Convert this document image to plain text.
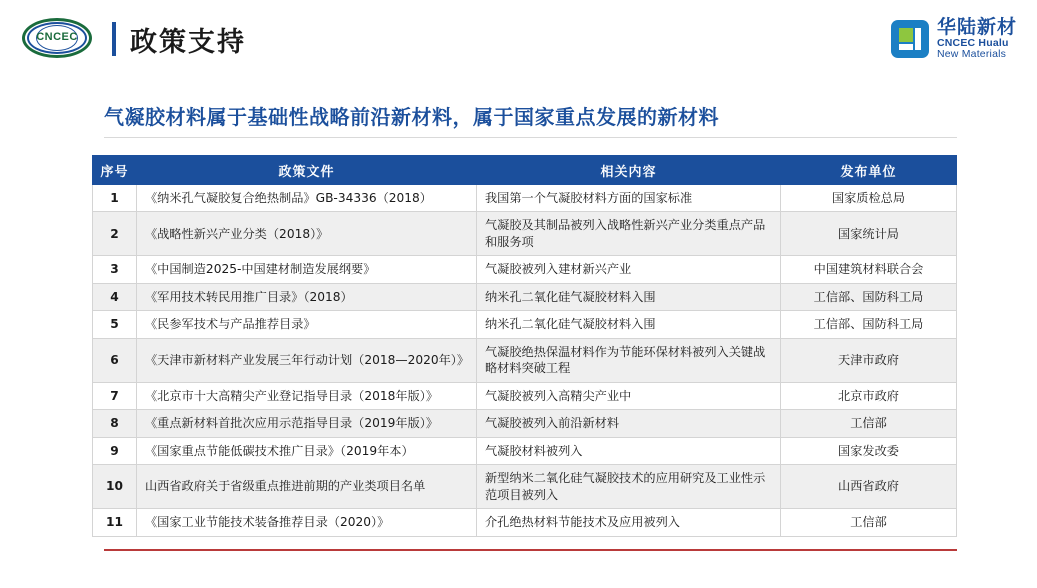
CNCEC	政策支持	华陆新材
CNCEC Hualu
New Materials
气凝胶材料属于基础性战略前沿新材料，属于国家重点发展的新材料
序号	政策文件	相关内容	发布单位
1	《纳米孔气凝胶复合绝热制品》GB-34336（2018）	我国第一个气凝胶材料方面的国家标准	国家质检总局
2	《战略性新兴产业分类（2018）》	气凝胶及其制品被列入战略性新兴产业分类重点产品和服务项	国家统计局
3	《中国制造2025-中国建材制造发展纲要》	气凝胶被列入建材新兴产业	中国建筑材料联合会
4	《军用技术转民用推广目录》（2018）	纳米孔二氧化硅气凝胶材料入围	工信部、国防科工局
5	《民参军技术与产品推荐目录》	纳米孔二氧化硅气凝胶材料入围	工信部、国防科工局
6	《天津市新材料产业发展三年行动计划（2018—2020年）》	气凝胶绝热保温材料作为节能环保材料被列入关键战略材料突破工程	天津市政府
7	《北京市十大高精尖产业登记指导目录（2018年版）》	气凝胶被列入高精尖产业中	北京市政府
8	《重点新材料首批次应用示范指导目录（2019年版）》	气凝胶被列入前沿新材料	工信部
9	《国家重点节能低碳技术推广目录》（2019年本）	气凝胶材料被列入	国家发改委
10	山西省政府关于省级重点推进前期的产业类项目名单	新型纳米二氧化硅气凝胶技术的应用研究及工业性示范项目被列入	山西省政府
11	《国家工业节能技术装备推荐目录（2020）》	介孔绝热材料节能技术及应用被列入	工信部
